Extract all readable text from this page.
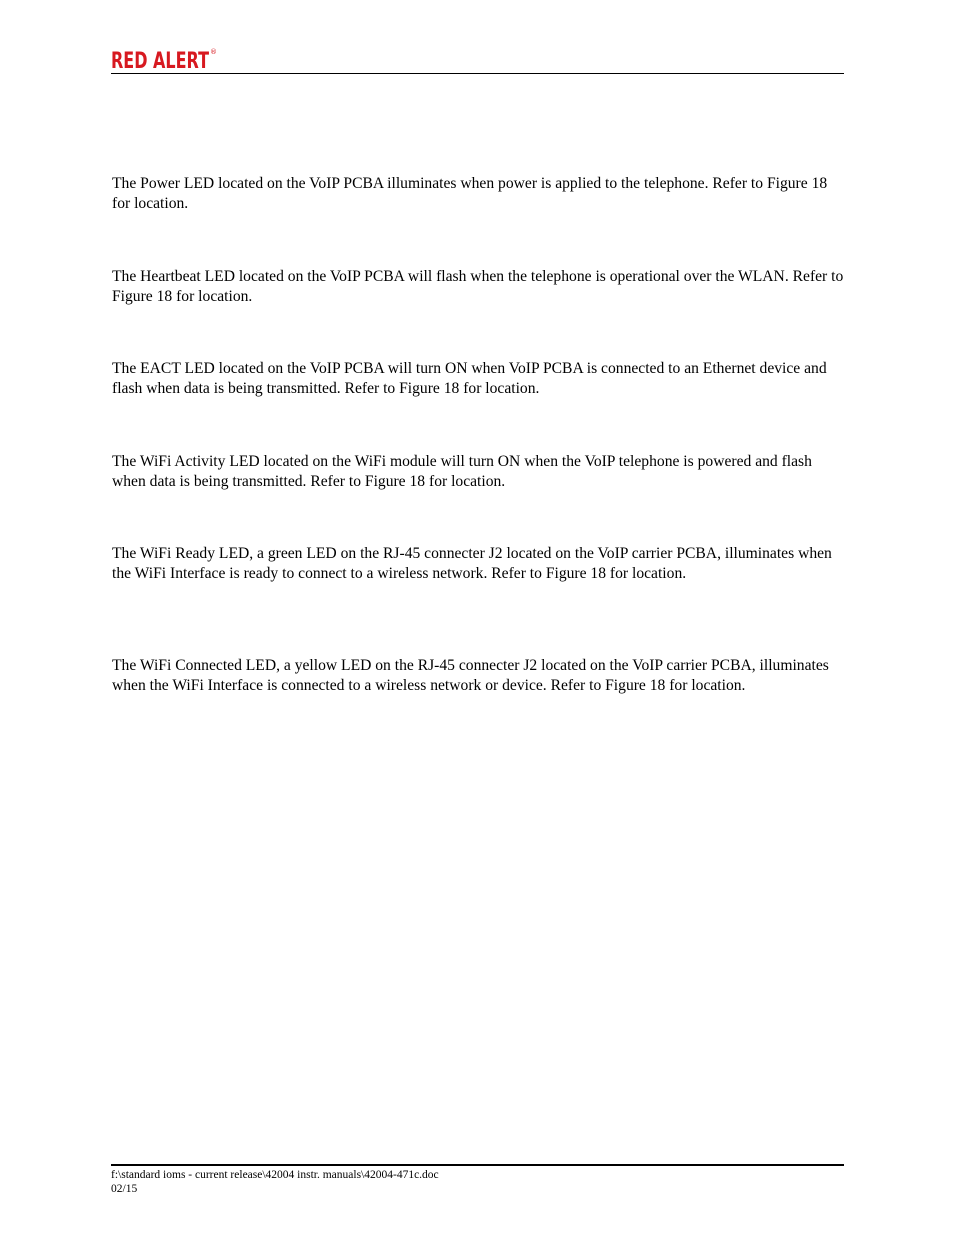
RED ALERT ®

The Power LED located on the VoIP PCBA illuminates when power is applied to the telephone. Refer to Figure 18 for location.

The Heartbeat LED located on the VoIP PCBA will flash when the telephone is operational over the WLAN. Refer to Figure 18 for location.

The EACT LED located on the VoIP PCBA will turn ON when VoIP PCBA is connected to an Ethernet device and flash when data is being transmitted. Refer to Figure 18 for location.

The WiFi Activity LED located on the WiFi module will turn ON when the VoIP telephone is powered and flash when data is being transmitted. Refer to Figure 18 for location.

The WiFi Ready LED, a green LED on the RJ-45 connecter J2 located on the VoIP carrier PCBA, illuminates when the WiFi Interface is ready to connect to a wireless network. Refer to Figure 18 for location.

The WiFi Connected LED, a yellow LED on the RJ-45 connecter J2 located on the VoIP carrier PCBA, illuminates when the WiFi Interface is connected to a wireless network or device. Refer to Figure 18 for location.

f:\standard ioms - current release\42004 instr. manuals\42004-471c.doc
02/15
